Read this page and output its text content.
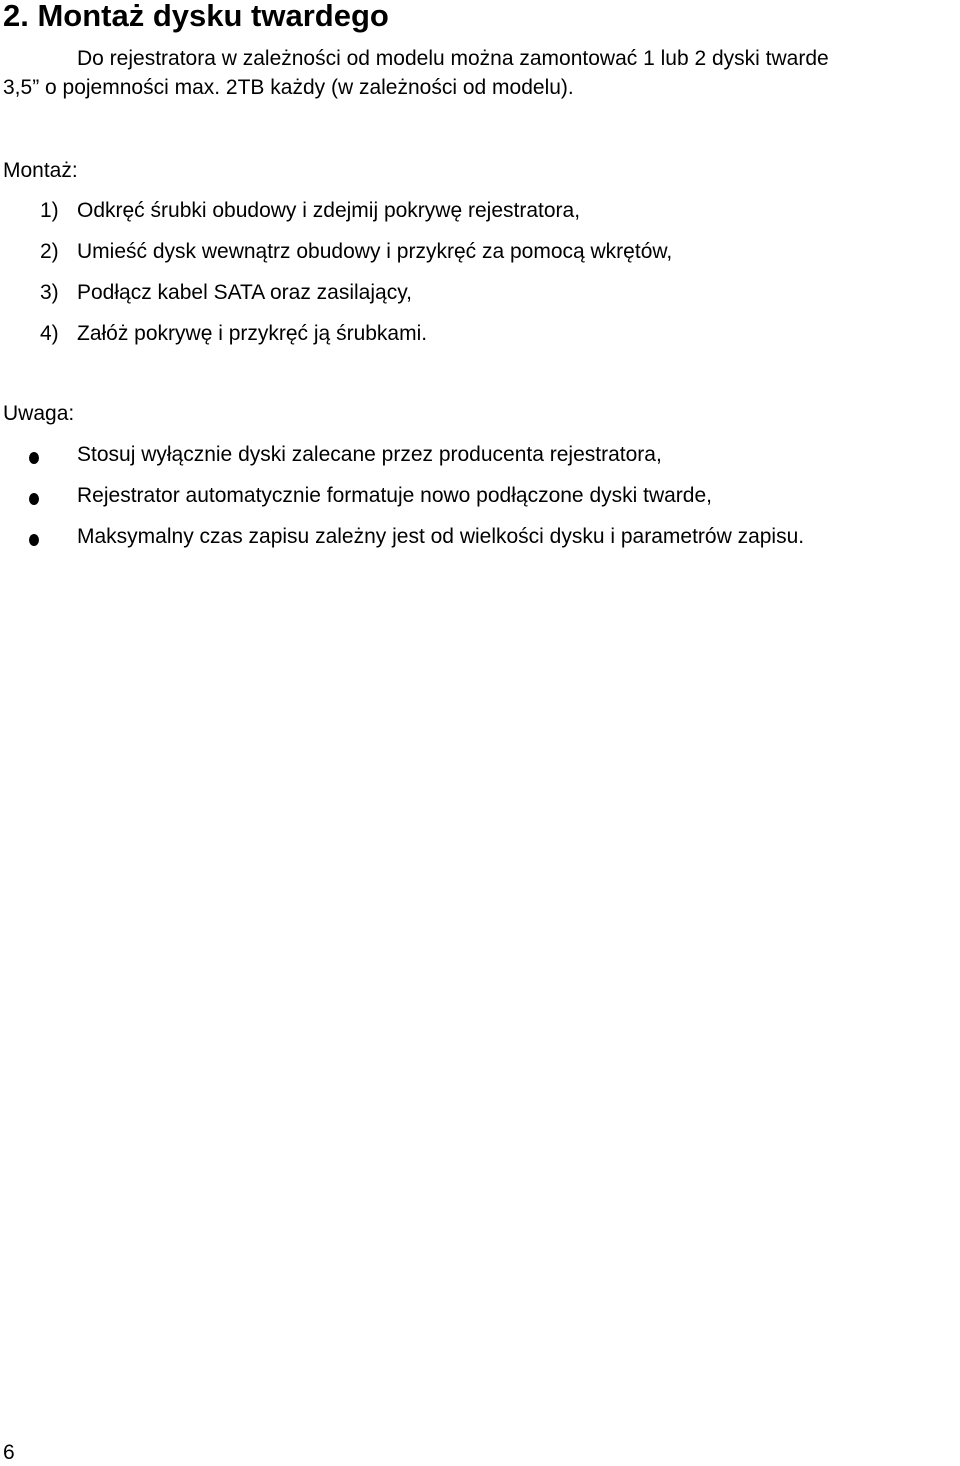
2. Montaż dysku twardego
Do rejestratora w zależności od modelu można zamontować 1 lub 2 dyski twarde
3,5” o pojemności max. 2TB każdy (w zależności od modelu).
Montaż:
1) Odkręć śrubki obudowy i zdejmij pokrywę rejestratora,
2) Umieść dysk wewnątrz obudowy i przykręć za pomocą wkrętów,
3) Podłącz kabel SATA oraz zasilający,
4) Załóż pokrywę i przykręć ją śrubkami.
Uwaga:
Stosuj wyłącznie dyski zalecane przez producenta rejestratora,
Rejestrator automatycznie formatuje nowo podłączone dyski twarde,
Maksymalny czas zapisu zależny jest od wielkości dysku i parametrów zapisu.
6
